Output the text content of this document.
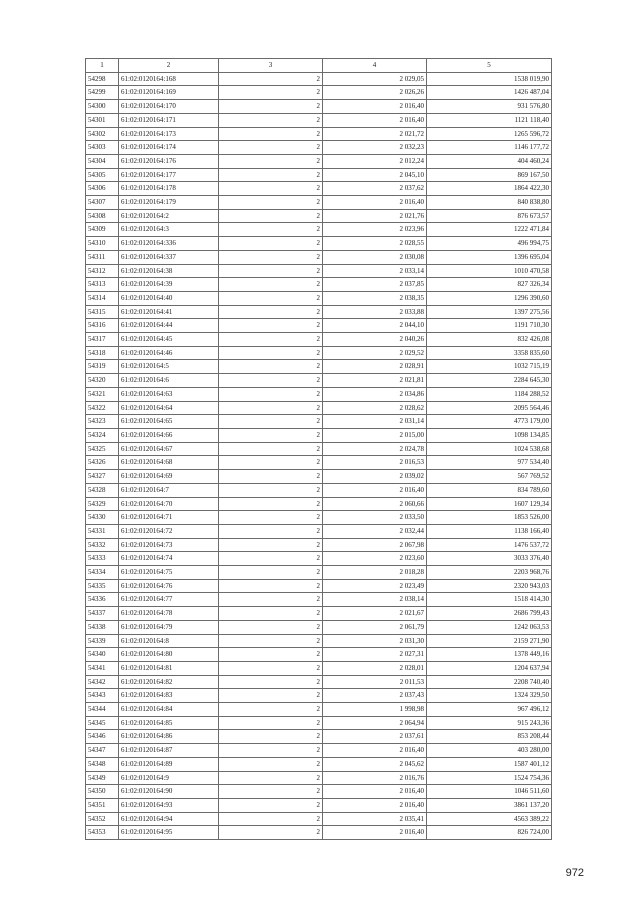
1	2	3	4	5
54298	61:02:0120164:168	2	2 029,05	1538 019,90
54299	61:02:0120164:169	2	2 026,26	1426 487,04
54300	61:02:0120164:170	2	2 016,40	931 576,80
54301	61:02:0120164:171	2	2 016,40	1121 118,40
54302	61:02:0120164:173	2	2 021,72	1265 596,72
54303	61:02:0120164:174	2	2 032,23	1146 177,72
54304	61:02:0120164:176	2	2 012,24	404 460,24
54305	61:02:0120164:177	2	2 045,10	869 167,50
54306	61:02:0120164:178	2	2 037,62	1864 422,30
54307	61:02:0120164:179	2	2 016,40	840 838,80
54308	61:02:0120164:2	2	2 021,76	876 673,57
54309	61:02:0120164:3	2	2 023,96	1222 471,84
54310	61:02:0120164:336	2	2 028,55	496 994,75
54311	61:02:0120164:337	2	2 030,08	1396 695,04
54312	61:02:0120164:38	2	2 033,14	1010 470,58
54313	61:02:0120164:39	2	2 037,85	827 326,34
54314	61:02:0120164:40	2	2 038,35	1296 390,60
54315	61:02:0120164:41	2	2 033,88	1397 275,56
54316	61:02:0120164:44	2	2 044,10	1191 710,30
54317	61:02:0120164:45	2	2 040,26	832 426,08
54318	61:02:0120164:46	2	2 029,52	3358 835,60
54319	61:02:0120164:5	2	2 028,91	1032 715,19
54320	61:02:0120164:6	2	2 021,81	2284 645,30
54321	61:02:0120164:63	2	2 034,86	1184 288,52
54322	61:02:0120164:64	2	2 028,62	2095 564,46
54323	61:02:0120164:65	2	2 031,14	4773 179,00
54324	61:02:0120164:66	2	2 015,00	1098 134,85
54325	61:02:0120164:67	2	2 024,78	1024 538,68
54326	61:02:0120164:68	2	2 016,53	977 534,40
54327	61:02:0120164:69	2	2 039,02	567 769,52
54328	61:02:0120164:7	2	2 016,40	834 789,60
54329	61:02:0120164:70	2	2 060,66	1607 129,34
54330	61:02:0120164:71	2	2 033,50	1853 526,00
54331	61:02:0120164:72	2	2 032,44	1138 166,40
54332	61:02:0120164:73	2	2 067,98	1476 537,72
54333	61:02:0120164:74	2	2 023,60	3033 376,40
54334	61:02:0120164:75	2	2 018,28	2203 968,76
54335	61:02:0120164:76	2	2 023,49	2320 943,03
54336	61:02:0120164:77	2	2 038,14	1518 414,30
54337	61:02:0120164:78	2	2 021,67	2686 799,43
54338	61:02:0120164:79	2	2 061,79	1242 063,53
54339	61:02:0120164:8	2	2 031,30	2159 271,90
54340	61:02:0120164:80	2	2 027,31	1378 449,16
54341	61:02:0120164:81	2	2 028,01	1204 637,94
54342	61:02:0120164:82	2	2 011,53	2208 740,40
54343	61:02:0120164:83	2	2 037,43	1324 329,50
54344	61:02:0120164:84	2	1 998,98	967 496,12
54345	61:02:0120164:85	2	2 064,94	915 243,36
54346	61:02:0120164:86	2	2 037,61	853 208,44
54347	61:02:0120164:87	2	2 016,40	403 280,00
54348	61:02:0120164:89	2	2 045,62	1587 401,12
54349	61:02:0120164:9	2	2 016,76	1524 754,36
54350	61:02:0120164:90	2	2 016,40	1046 511,60
54351	61:02:0120164:93	2	2 016,40	3861 137,20
54352	61:02:0120164:94	2	2 035,41	4563 389,22
54353	61:02:0120164:95	2	2 016,40	826 724,00
972
